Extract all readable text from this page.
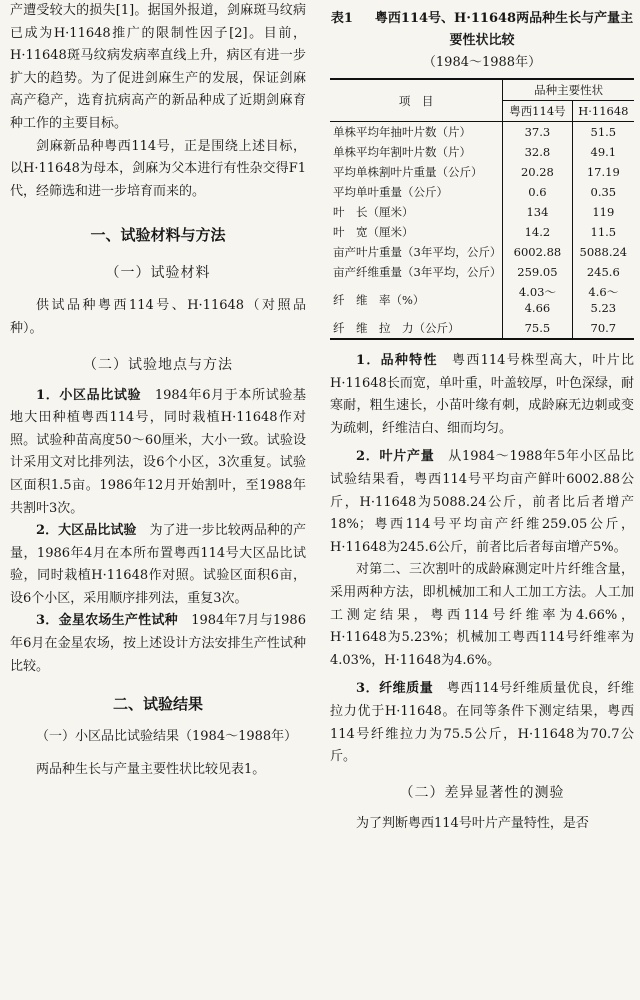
产遭受较大的损失[1]。据国外报道，剑麻斑马纹病已成为H·11648推广的限制性因子[2]。目前，H·11648斑马纹病发病率直线上升，病区有进一步扩大的趋势。为了促进剑麻生产的发展，保证剑麻高产稳产，选育抗病高产的新品种成了近期剑麻育种工作的主要目标。

剑麻新品种粤西114号，正是围绕上述目标，以H·11648为母本，剑麻为父本进行有性杂交得F1代，经筛选和进一步培育而来的。

一、试验材料与方法
（一）试验材料

供试品种粤西114号、H·11648（对照品种）。

（二）试验地点与方法

1．小区品比试验　 1984年6月于本所试验基地大田种植粤西114号，同时栽植H·11648作对照。试验种苗高度50～60厘米，大小一致。试验设计采用文对比排列法，设6个小区，3次重复。试验区面积1.5亩。1986年12月开始割叶，至1988年共割叶3次。

2．大区品比试验　 为了进一步比较两品种的产量，1986年4月在本所布置粤西114号大区品比试验，同时栽植H·11648作对照。试验区面积6亩，设6个小区，采用顺序排列法，重复3次。

3．金星农场生产性试种　 1984年7月与1986年6月在金星农场，按上述设计方法安排生产性试种比较。

二、试验结果

（一）小区品比试验结果（1984～1988年）

两品种生长与产量主要性状比较见表1。

表1 粤西114号、H·11648两品种生长与产量主要性状比较
（1984～1988年）
项　目	品种主要性状	
	粤西114号	H·11648
单株平均年抽叶片数（片）	37.3	51.5
单株平均年割叶片数（片）	32.8	49.1
平均单株割叶片重量（公斤）	20.28	17.19
平均单叶重量（公斤）	0.6	0.35
叶　长（厘米）	134	119
叶　宽（厘米）	14.2	11.5
亩产叶片重量（3年平均，公斤）	6002.88	5088.24
亩产纤维重量（3年平均，公斤）	259.05	245.6
纤　维　率（%）	4.03～4.66	4.6～5.23
纤　维　拉　力（公斤）	75.5	70.7

1．品种特性　 粤西114号株型高大，叶片比H·11648长而宽，单叶重，叶盖较厚，叶色深绿，耐寒耐，粗生速长，小苗叶缘有刺，成龄麻无边刺或变为疏刺，纤维洁白、细而均匀。

2．叶片产量　 从1984～1988年5年小区品比试验结果看，粤西114号平均亩产鲜叶6002.88公斤，H·11648为5088.24公斤，前者比后者增产18%；粤西114号平均亩产纤维259.05公斤，H·11648为245.6公斤，前者比后者每亩增产5%。

对第二、三次割叶的成龄麻测定叶片纤维含量，采用两种方法，即机械加工和人工加工方法。人工加工测定结果，粤西114号纤维率为4.66%，H·11648为5.23%；机械加工粤西114号纤维率为4.03%，H·11648为4.6%。

3．纤维质量　 粤西114号纤维质量优良，纤维拉力优于H·11648。在同等条件下测定结果，粤西114号纤维拉力为75.5公斤，H·11648为70.7公斤。

（二）差异显著性的测验

为了判断粤西114号叶片产量特性，是否
